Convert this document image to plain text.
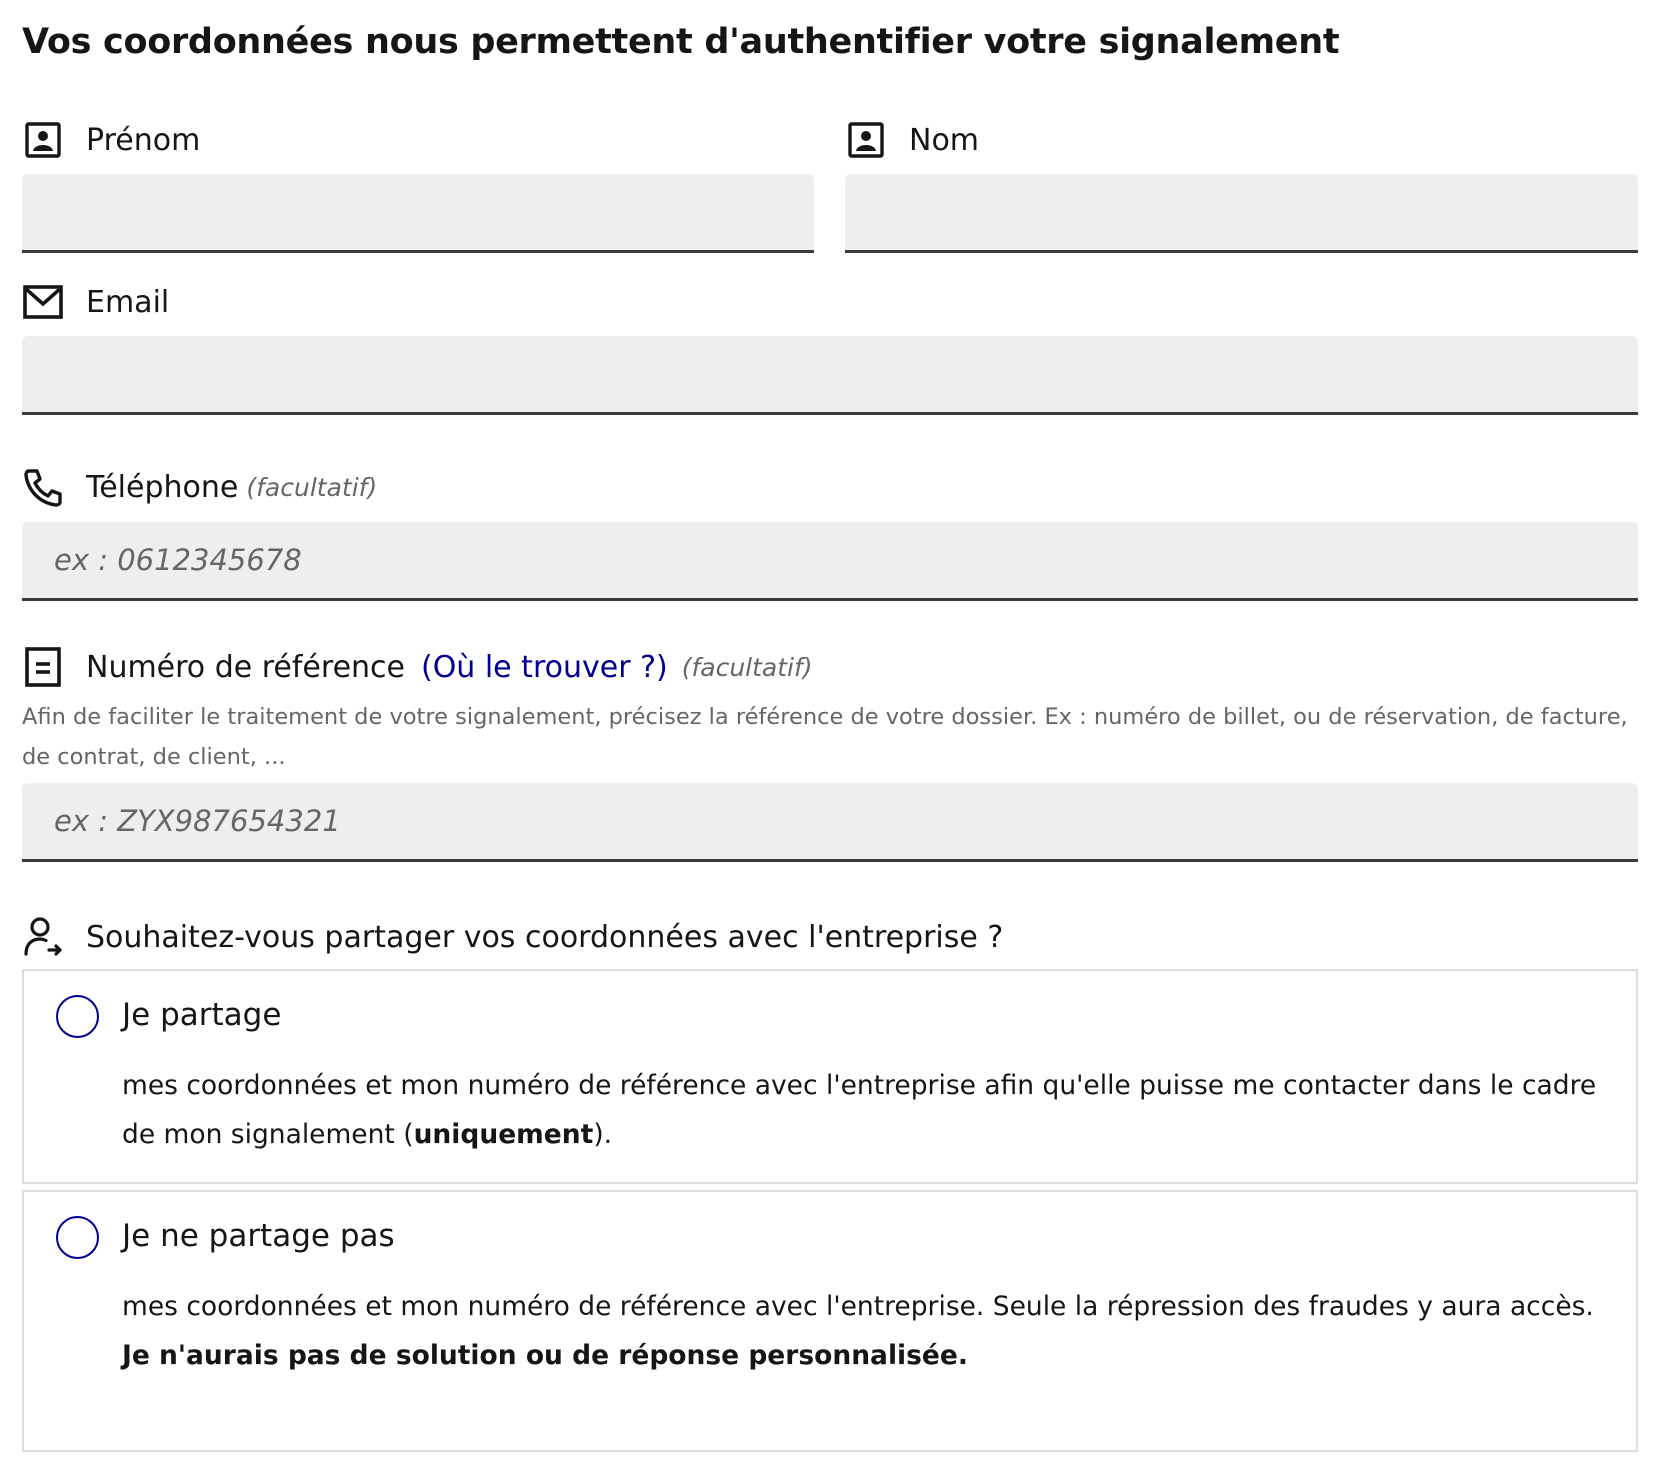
Vos coordonnées nous permettent d'authentifier votre signalement
Prénom	Nom
Email
Téléphone (facultatif)
ex : 0612345678
Numéro de référence (Où le trouver ?) (facultatif)
Afin de faciliter le traitement de votre signalement, précisez la référence de votre dossier. Ex : numéro de billet, ou de réservation, de facture, de contrat, de client, ...
ex : ZYX987654321
Souhaitez-vous partager vos coordonnées avec l'entreprise ?
Je partage
mes coordonnées et mon numéro de référence avec l'entreprise afin qu'elle puisse me contacter dans le cadre de mon signalement (uniquement).
Je ne partage pas
mes coordonnées et mon numéro de référence avec l'entreprise. Seule la répression des fraudes y aura accès.
Je n'aurais pas de solution ou de réponse personnalisée.
